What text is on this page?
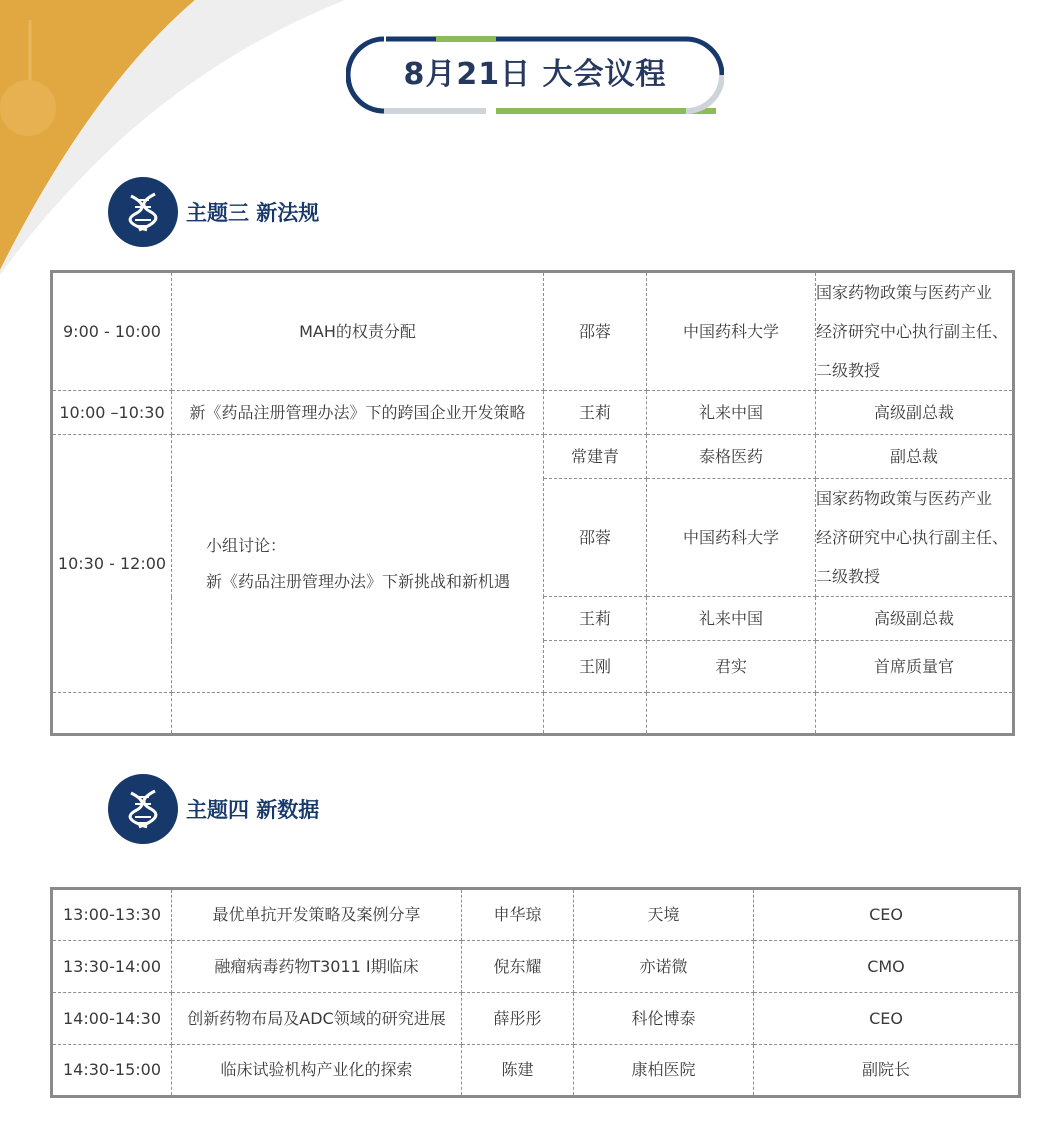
8月21日 大会议程
主题三 新法规
9:00 - 10:00	MAH的权责分配	邵蓉	中国药科大学	国家药物政策与医药产业
经济研究中心执行副主任、
二级教授

10:00 –10:30	新《药品注册管理办法》下的跨国企业开发策略	王莉	礼来中国	高级副总裁
10:30 - 12:00	小组讨论：
新《药品注册管理办法》下新挑战和新机遇	常建青	泰格医药	副总裁
		邵蓉	中国药科大学	国家药物政策与医药产业
经济研究中心执行副主任、
二级教授

		王莉	礼来中国	高级副总裁
		王刚	君实	首席质量官

主题四 新数据
13:00-13:30	最优单抗开发策略及案例分享	申华琼	天境	CEO
13:30-14:00	融瘤病毒药物T3011 I期临床	倪东耀	亦诺微	CMO
14:00-14:30	创新药物布局及ADC领域的研究进展	薛彤彤	科伦博泰	CEO
14:30-15:00	临床试验机构产业化的探索	陈建	康柏医院	副院长
